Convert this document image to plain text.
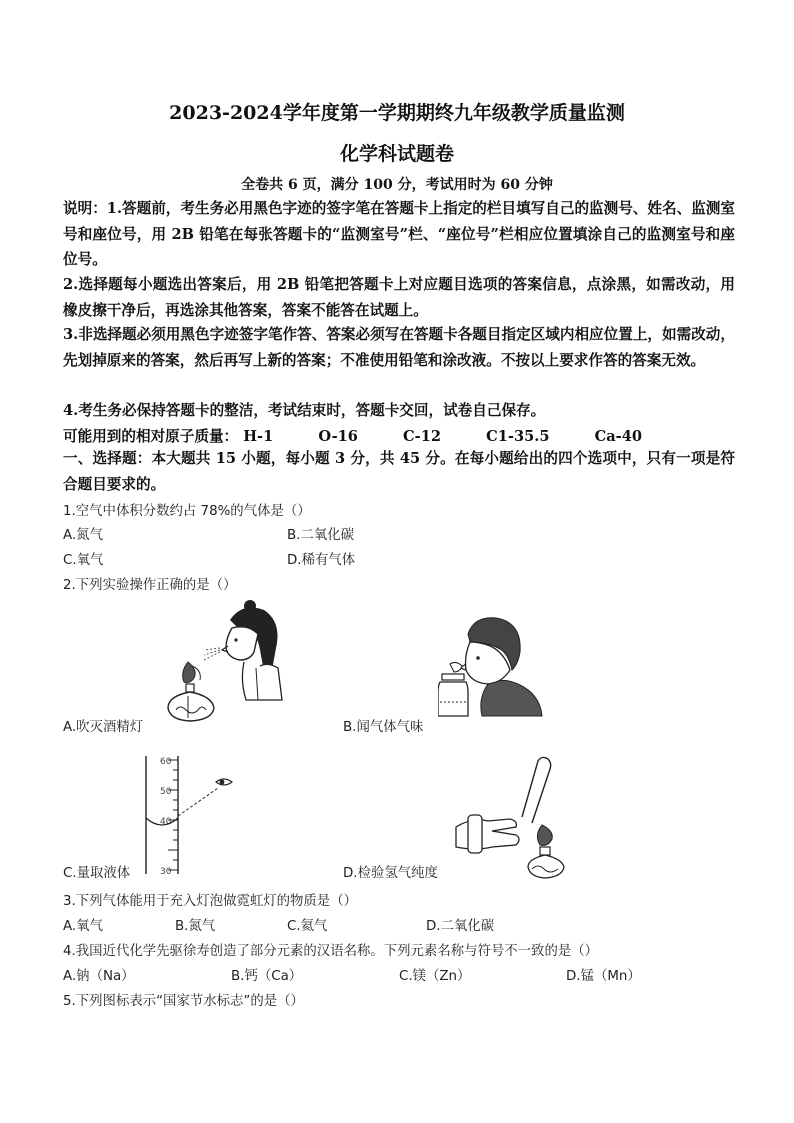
2023-2024学年度第一学期期终九年级教学质量监测
化学科试题卷
全卷共 6 页，满分 100 分，考试用时为 60 分钟
说明：1.答题前，考生务必用黑色字迹的签字笔在答题卡上指定的栏目填写自己的监测号、姓名、监测室号和座位号，用 2B 铅笔在每张答题卡的“监测室号”栏、“座位号”栏相应位置填涂自己的监测室号和座位号。
2.选择题每小题选出答案后，用 2B 铅笔把答题卡上对应题目选项的答案信息，点涂黑，如需改动，用橡皮擦干净后，再选涂其他答案，答案不能答在试题上。
3.非选择题必须用黑色字迹签字笔作答、答案必须写在答题卡各题目指定区域内相应位置上，如需改动，先划掉原来的答案，然后再写上新的答案；不准使用铅笔和涂改液。不按以上要求作答的答案无效。
4.考生务必保持答题卡的整洁，考试结束时，答题卡交回，试卷自己保存。
可能用到的相对原子质量： H-1	O-16	C-12	C1-35.5	Ca-40
一、选择题：本大题共 15 小题，每小题 3 分，共 45 分。在每小题给出的四个选项中，只有一项是符合题目要求的。
1.空气中体积分数约占 78%的气体是（）
A.氮气	B.二氧化碳
C.氧气	D.稀有气体
2.下列实验操作正确的是（）
A.吹灭酒精灯	B.闻气体气味
60
50
40
30
C.量取液体	D.检验氢气纯度
3.下列气体能用于充入灯泡做霓虹灯的物质是（）
A.氧气	B.氮气	C.氦气	D.二氧化碳
4.我国近代化学先驱徐寿创造了部分元素的汉语名称。下列元素名称与符号不一致的是（）
A.钠（Na）	B.钙（Ca）	C.镁（Zn）	D.锰（Mn）
5.下列图标表示“国家节水标志”的是（）
